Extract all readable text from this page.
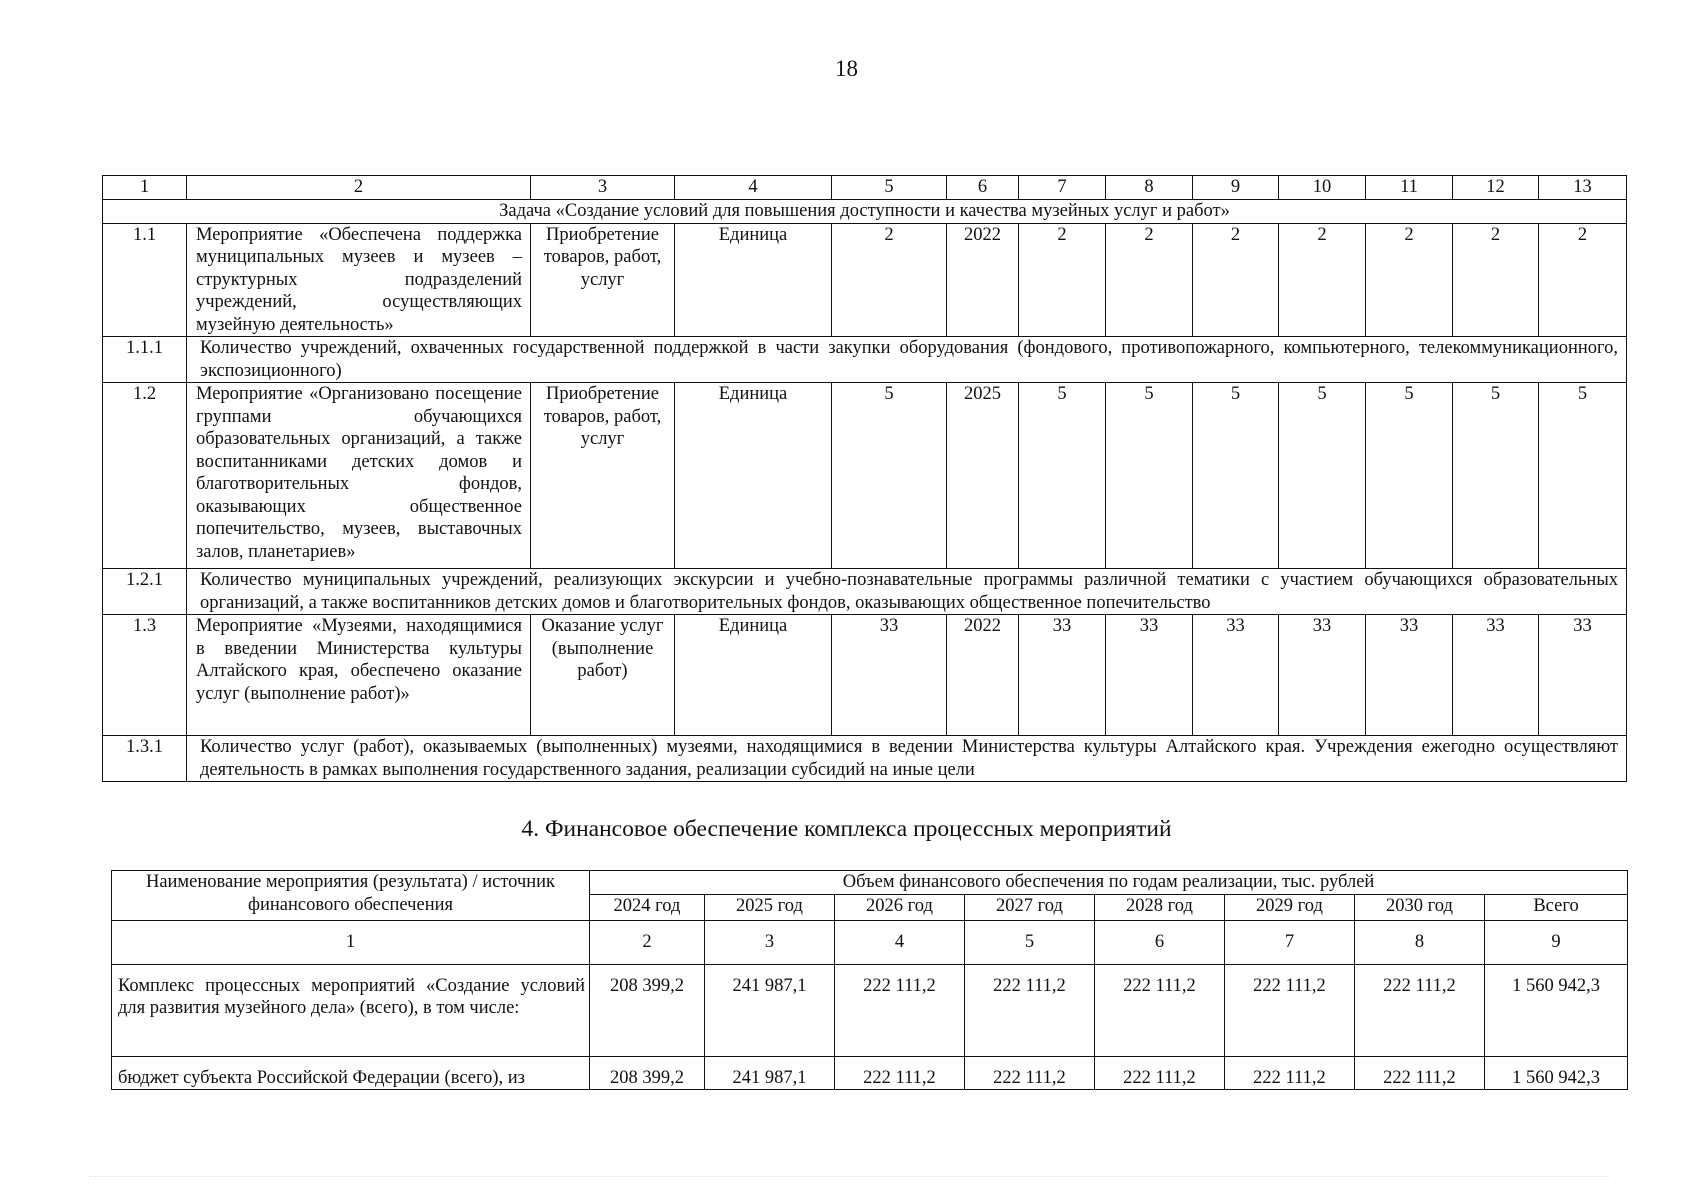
18
1	2	3	4	5	6	7	8	9	10	11	12	13
Задача «Создание условий для повышения доступности и качества музейных услуг и работ»												
1.1	Мероприятие «Обеспечена поддержка муниципальных музеев и музеев – структурных подразделений учреждений, осуществляющих музейную деятельность»	Приобретение товаров, работ, услуг	Единица	2	2022	2	2	2	2	2	2	2
1.1.1	Количество учреждений, охваченных государственной поддержкой в части закупки оборудования (фондового, противопожарного, компьютерного, телекоммуникационного, экспозиционного)											
1.2	Мероприятие «Организовано посещение группами обучающихся образовательных организаций, а также воспитанниками детских домов и благотворительных фондов, оказывающих общественное попечительство, музеев, выставочных залов, планетариев»	Приобретение товаров, работ, услуг	Единица	5	2025	5	5	5	5	5	5	5
1.2.1	Количество муниципальных учреждений, реализующих экскурсии и учебно-познавательные программы различной тематики с участием обучающихся образовательных организаций, а также воспитанников детских домов и благотворительных фондов, оказывающих общественное попечительство											
1.3	Мероприятие «Музеями, находящимися в введении Министерства культуры Алтайского края, обеспечено оказание услуг (выполнение работ)»	Оказание услуг (выполнение работ)	Единица	33	2022	33	33	33	33	33	33	33
1.3.1	Количество услуг (работ), оказываемых (выполненных) музеями, находящимися в ведении Министерства культуры Алтайского края. Учреждения ежегодно осуществляют деятельность в рамках выполнения государственного задания, реализации субсидий на иные цели											
4. Финансовое обеспечение комплекса процессных мероприятий
Наименование мероприятия (результата) / источник финансового обеспечения	Объем финансового обеспечения по годам реализации, тыс. рублей							
	2024 год	2025 год	2026 год	2027 год	2028 год	2029 год	2030 год	Всего
1	2	3	4	5	6	7	8	9
Комплекс процессных мероприятий «Создание условий для развития музейного дела» (всего), в том числе:	208 399,2	241 987,1	222 111,2	222 111,2	222 111,2	222 111,2	222 111,2	1 560 942,3
бюджет субъекта Российской Федерации (всего), из	208 399,2	241 987,1	222 111,2	222 111,2	222 111,2	222 111,2	222 111,2	1 560 942,3
